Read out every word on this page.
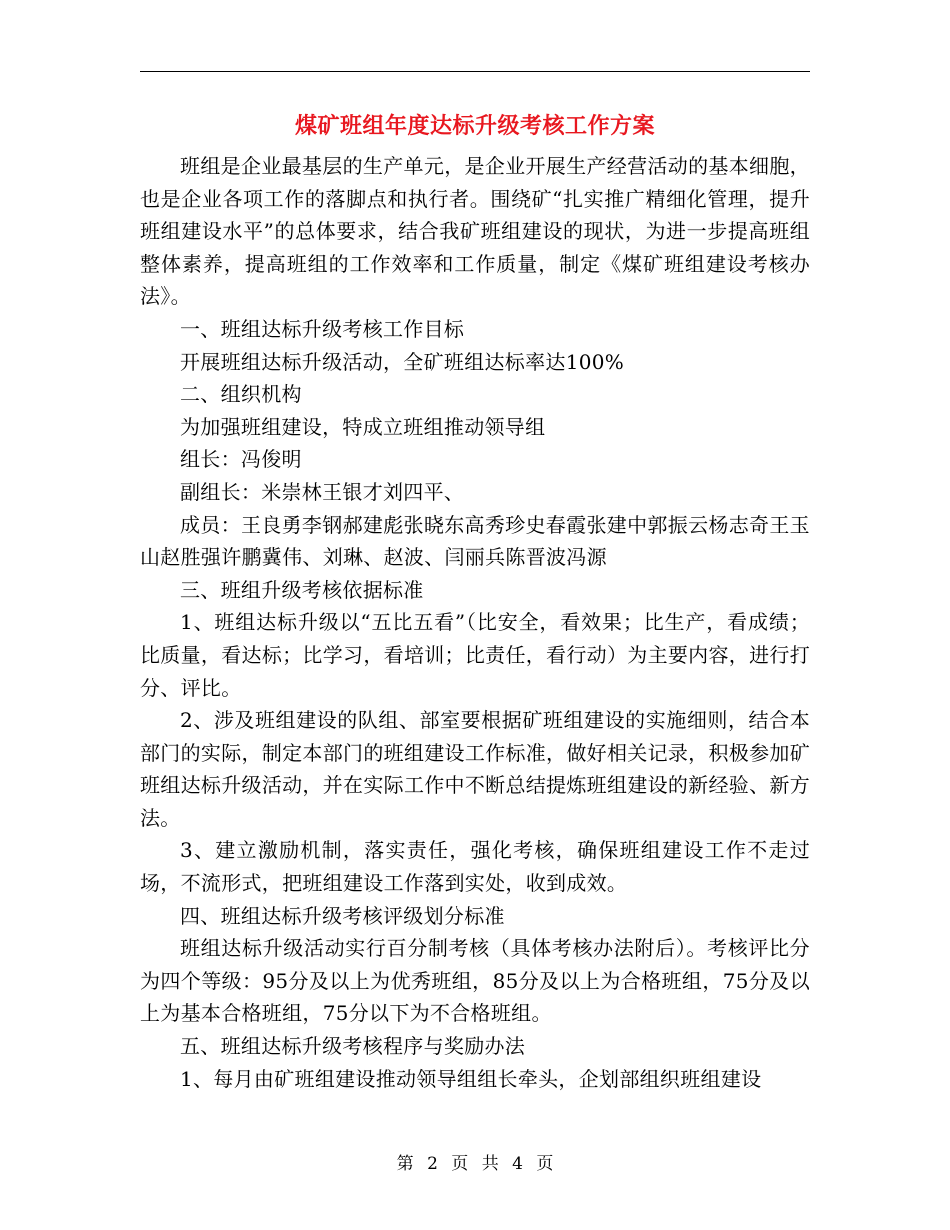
煤矿班组年度达标升级考核工作方案

班组是企业最基层的生产单元，是企业开展生产经营活动的基本细胞，也是企业各项工作的落脚点和执行者。围绕矿“扎实推广精细化管理，提升班组建设水平”的总体要求，结合我矿班组建设的现状，为进一步提高班组整体素养，提高班组的工作效率和工作质量，制定《煤矿班组建设考核办法》。

一、班组达标升级考核工作目标

开展班组达标升级活动，全矿班组达标率达100%

二、组织机构

为加强班组建设，特成立班组推动领导组

组长：冯俊明

副组长：米崇林王银才刘四平、

成员：王良勇李钢郝建彪张晓东高秀珍史春霞张建中郭振云杨志奇王玉山赵胜强许鹏冀伟、刘琳、赵波、闫丽兵陈晋波冯源

三、班组升级考核依据标准

1、班组达标升级以“五比五看”（比安全，看效果；比生产，看成绩；比质量，看达标；比学习，看培训；比责任，看行动）为主要内容，进行打分、评比。

2、涉及班组建设的队组、部室要根据矿班组建设的实施细则，结合本部门的实际，制定本部门的班组建设工作标准，做好相关记录，积极参加矿班组达标升级活动，并在实际工作中不断总结提炼班组建设的新经验、新方法。

3、建立激励机制，落实责任，强化考核，确保班组建设工作不走过场，不流形式，把班组建设工作落到实处，收到成效。

四、班组达标升级考核评级划分标准

班组达标升级活动实行百分制考核（具体考核办法附后）。考核评比分为四个等级：95分及以上为优秀班组，85分及以上为合格班组，75分及以上为基本合格班组，75分以下为不合格班组。

五、班组达标升级考核程序与奖励办法

1、每月由矿班组建设推动领导组组长牵头，企划部组织班组建设

第 2 页 共 4 页
